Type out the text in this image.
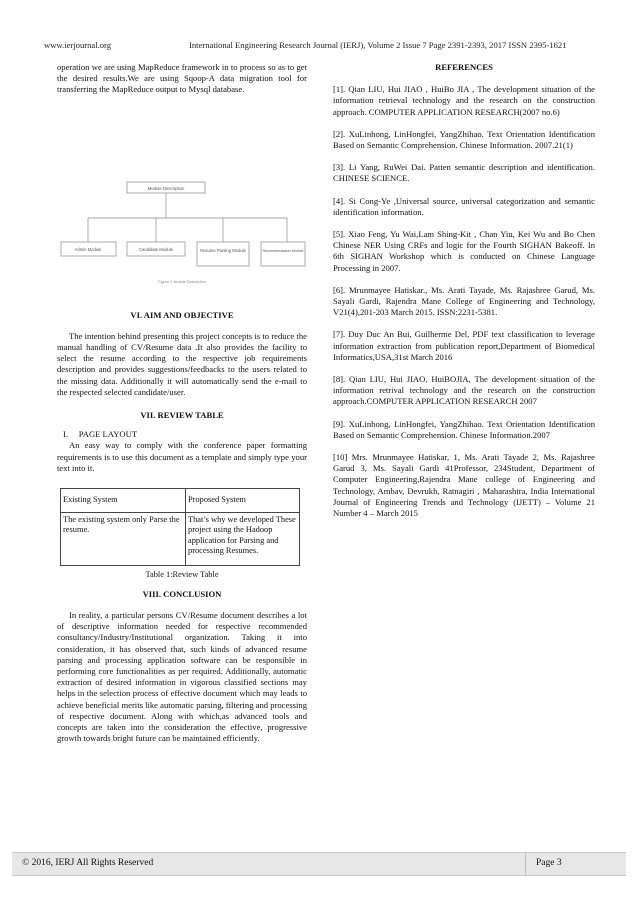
www.ierjournal.org	International Engineering Research Journal (IERJ), Volume 2 Issue 7 Page 2391-2393, 2017 ISSN 2395-1621

operation we are using MapReduce framework in to process so as to get the desired results.We are using Sqoop-A data migration tool for transferring the MapReduce output to Mysql database.

Module Description
Admin Module	Candidate Module	Resume Parsing Module	Recommendation Module
Figure 2 Module Description

VI. AIM AND OBJECTIVE

The intention behind presenting this project concepts is to reduce the manual handling of CV/Resume data .It also provides the facility to select the resume according to the respective job requirements description and provides suggestions/feedbacks to the users related to the missing data. Additionally it will automatically send the e-mail to the respected selected candidate/user.

VII. REVIEW TABLE

I.     PAGE LAYOUT

An easy way to comply with the conference paper formatting requirements is to use this document as a template and simply type your text into it.

Existing System	Proposed System
The existing system only Parse the resume.	That’s why we developed These project using the Hadoop application for Parsing and processing Resumes.

Table 1:Review Table

VIII. CONCLUSION

In reality, a particular persons CV/Resume document describes a lot of descriptive information needed for respective recommended consultancy/Industry/Institutional organization. Taking it into consideration, it has observed that, such kinds of advanced resume parsing and processing application software can be responsible in performing core functionalities as per required. Additionally, automatic extraction of desired information in vigorous classified sections may helps in the selection process of effective document which may leads to achieve beneficial merits like automatic parsing, filtering and processing of respective document. Along with which,as advanced tools and concepts are taken into the consideration the effective, progressive growth towards bright future can be maintained efficiently.

REFERENCES

[1]. Qian LIU, Hui JIAO , HuiBo JIA , The development situation of the information retrieval technology and the research on the construction approach. COMPUTER APPLICATION RESEARCH(2007 no.6)

[2]. XuLinhong, LinHongfei, YangZhihao. Text Orientation Identification Based on Semantic Comprehension. Chinese Information. 2007.21(1)

[3]. Li Yang, RuWei Dai. Patten semantic description and identification. CHINESE SCIENCE.

[4]. Si Cong-Ye ,Universal source, universal categorization and semantic identification information.

[5]. Xiao Feng, Yu Wai,Lam Shing-Kit , Chan Yiu, Kei Wu and Bo Chen Chinese NER Using CRFs and logic for the Fourth SIGHAN Bakeoff. In 6th SIGHAN Workshop which is conducted on Chinese Language Processing in 2007.

[6]. Mrunmayee Hatiskar., Ms. Arati Tayade, Ms. Rajashree Garud, Ms. Sayali Gardi, Rajendra Mane College of Engineering and Technology, V21(4),201-203 March 2015. ISSN:2231-5381.

[7]. Duy Duc An Bui, Guilherme Del, PDF text classification to leverage information extraction from publication report,Department of Biomedical Informatics,USA,31st March 2016

[8]. Qian LIU, Hui JIAO, HuiBOJIA, The development situation of the information retrival technology and the research on the construction approach.COMPUTER APPLICATION RESEARCH 2007

[9]. XuLinhong, LinHongfei, YangZhihao. Text Orientation Identification Based on Semantic Comprehension. Chinese Information.2007

[10] Mrs. Mrunmayee Hatiskar, 1, Ms. Arati Tayade 2, Ms. Rajashree Garud 3, Ms. Sayali Gardi 41Professor, 234Student, Department of Computer Engineering,Rajendra Mane college of Engineering and Technology, Ambav, Devrukh, Ratnagiri , Maharashtra, India International Journal of Engineering Trends and Technology (IJETT) – Volume 21 Number 4 – March 2015

© 2016, IERJ All Rights Reserved	Page 3
